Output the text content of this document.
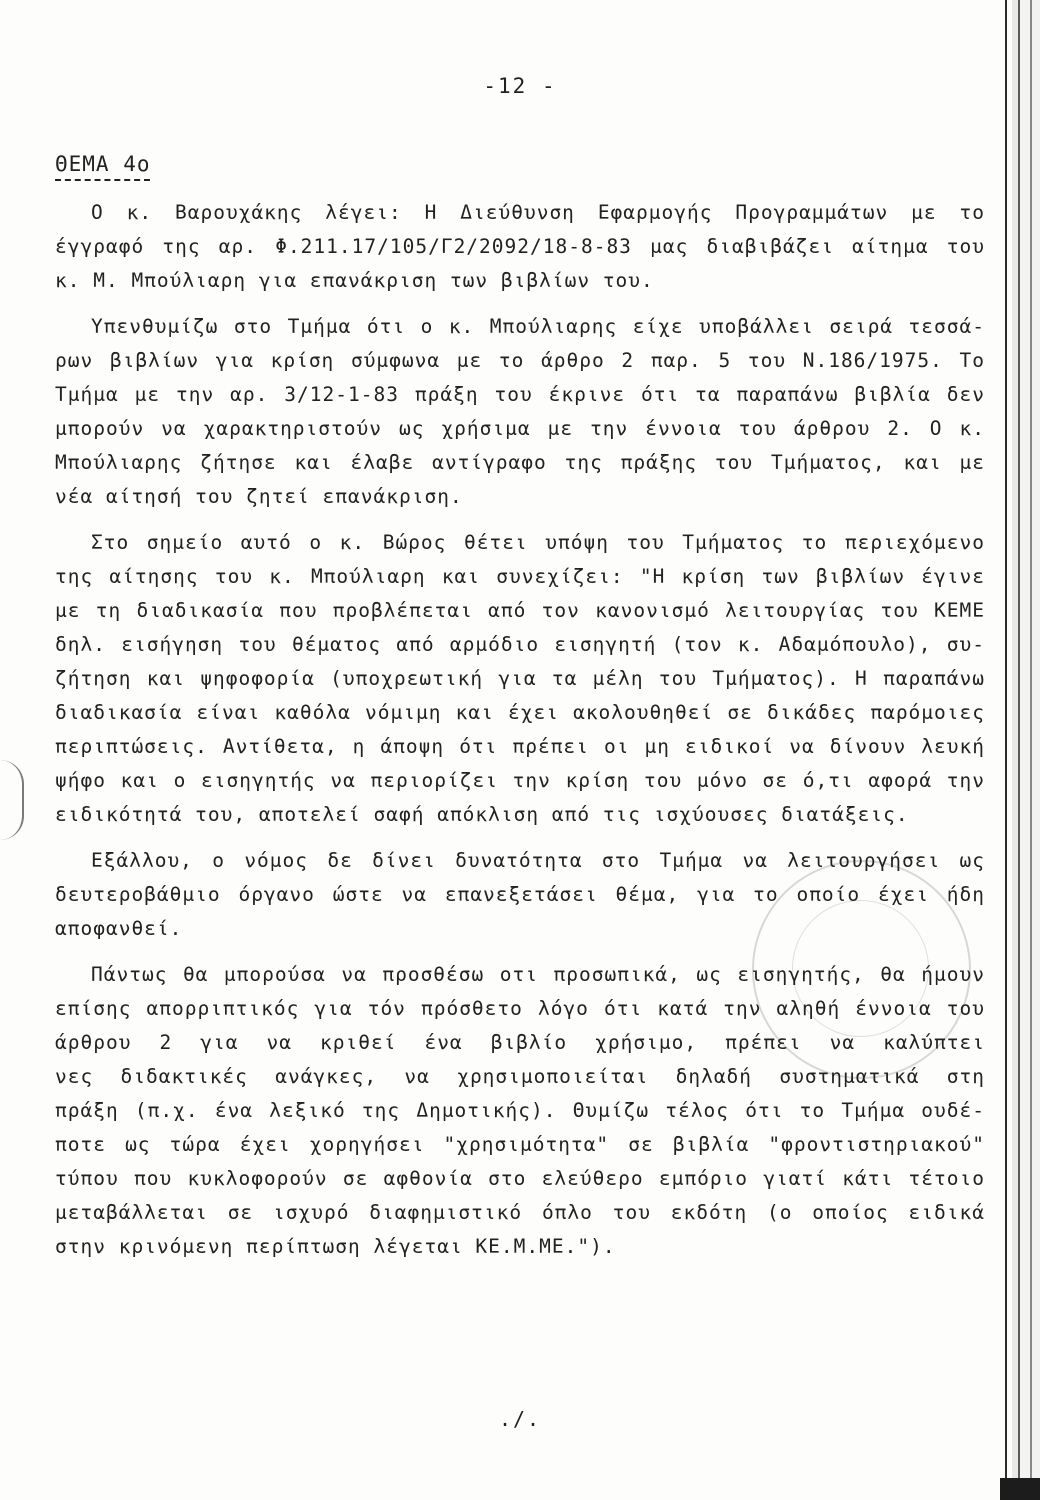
-12 -
ΘΕΜΑ 4ο
Ο κ. Βαρουχάκης λέγει: Η Διεύθυνση Εφαρμογής Προγραμμάτων με το
έγγραφό της αρ. Φ.211.17/105/Γ2/2092/18-8-83 μας διαβιβάζει αίτημα του
κ. Μ. Μπούλιαρη για επανάκριση των βιβλίων του.
Υπενθυμίζω στο Τμήμα ότι ο κ. Μπούλιαρης είχε υποβάλλει σειρά τεσσά-
ρων βιβλίων για κρίση σύμφωνα με το άρθρο 2 παρ. 5 του Ν.186/1975. Το
Τμήμα με την αρ. 3/12-1-83 πράξη του έκρινε ότι τα παραπάνω βιβλία δεν
μπορούν να χαρακτηριστούν ως χρήσιμα με την έννοια του άρθρου 2. Ο κ.
Μπούλιαρης ζήτησε και έλαβε αντίγραφο της πράξης του Τμήματος, και με
νέα αίτησή του ζητεί επανάκριση.
Στο σημείο αυτό ο κ. Βώρος θέτει υπόψη του Τμήματος το περιεχόμενο
της αίτησης του κ. Μπούλιαρη και συνεχίζει: "Η κρίση των βιβλίων έγινε
με τη διαδικασία που προβλέπεται από τον κανονισμό λειτουργίας του ΚΕΜΕ
δηλ. εισήγηση του θέματος από αρμόδιο εισηγητή (τον κ. Αδαμόπουλο), συ-
ζήτηση και ψηφοφορία (υποχρεωτική για τα μέλη του Τμήματος). Η παραπάνω
διαδικασία είναι καθόλα νόμιμη και έχει ακολουθηθεί σε δικάδες παρόμοιες
περιπτώσεις. Αντίθετα, η άποψη ότι πρέπει οι μη ειδικοί να δίνουν λευκή
ψήφο και ο εισηγητής να περιορίζει την κρίση του μόνο σε ό,τι αφορά την
ειδικότητά του, αποτελεί σαφή απόκλιση από τις ισχύουσες διατάξεις.
Εξάλλου, ο νόμος δε δίνει δυνατότητα στο Τμήμα να λειτουργήσει ως
δευτεροβάθμιο όργανο ώστε να επανεξετάσει θέμα, για το οποίο έχει ήδη
αποφανθεί.
Πάντως θα μπορούσα να προσθέσω οτι προσωπικά, ως εισηγητής, θα ήμουν
επίσης απορριπτικός για τόν πρόσθετο λόγο ότι κατά την αληθή έννοια του
άρθρου 2 για να κριθεί ένα βιβλίο χρήσιμο, πρέπει να καλύπτει
νες διδακτικές ανάγκες, να χρησιμοποιείται δηλαδή συστηματικά στη
πράξη (π.χ. ένα λεξικό της Δημοτικής). Θυμίζω τέλος ότι το Τμήμα ουδέ-
ποτε ως τώρα έχει χορηγήσει "χρησιμότητα" σε βιβλία "φροντιστηριακού"
τύπου που κυκλοφορούν σε αφθονία στο ελεύθερο εμπόριο γιατί κάτι τέτοιο
μεταβάλλεται σε ισχυρό διαφημιστικό όπλο του εκδότη (ο οποίος ειδικά
στην κρινόμενη περίπτωση λέγεται ΚΕ.Μ.ΜΕ.").
./.
